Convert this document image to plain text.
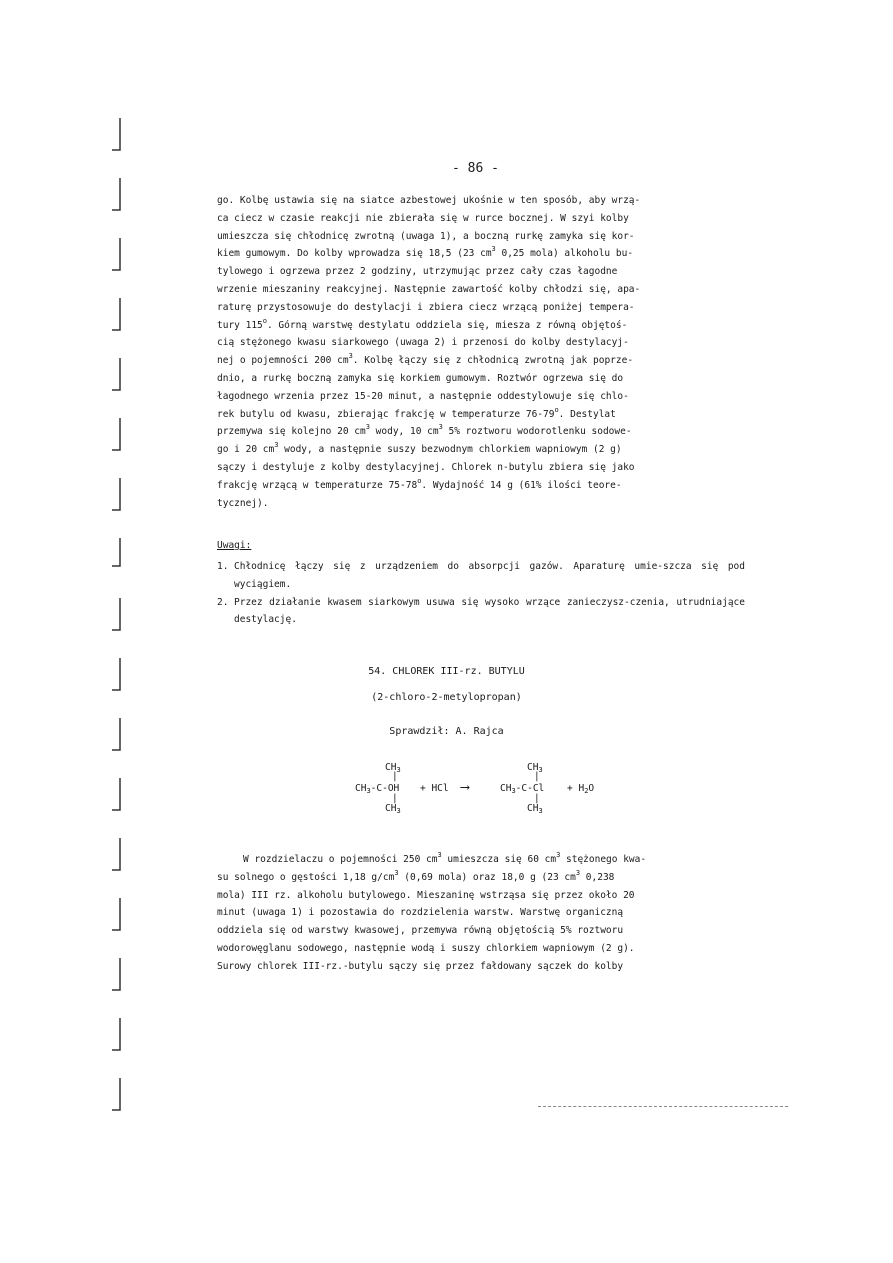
- 86 -

go. Kolbę ustawia się na siatce azbestowej ukośnie w ten sposób, aby wrzą-

ca ciecz w czasie reakcji nie zbierała się w rurce bocznej. W szyi kolby

umieszcza się chłodnicę zwrotną (uwaga 1), a boczną rurkę zamyka się kor-

kiem gumowym. Do kolby wprowadza się 18,5 (23 $cm^3$ 0,25 mola) alkoholu bu-

tylowego i ogrzewa przez 2 godziny, utrzymując przez cały czas łagodne

wrzenie mieszaniny reakcyjnej. Następnie zawartość kolby chłodzi się, apa-

raturę przystosowuje do destylacji i zbiera ciecz wrzącą poniżej tempera-

tury 115$^o$. Górną warstwę destylatu oddziela się, miesza z równą objętoś-

cią stężonego kwasu siarkowego (uwaga 2) i przenosi do kolby destylacyj-

nej o pojemności 200 $cm^3$. Kolbę łączy się z chłodnicą zwrotną jak poprze-

dnio, a rurkę boczną zamyka się korkiem gumowym. Roztwór ogrzewa się do

łagodnego wrzenia przez 15-20 minut, a następnie oddestylowuje się chlo-

rek butylu od kwasu, zbierając frakcję w temperaturze 76-79$^o$. Destylat

przemywa się kolejno 20 $cm^3$ wody, 10 $cm^3$ 5% roztworu wodorotlenku sodowe-

go i 20 $cm^3$ wody, a następnie suszy bezwodnym chlorkiem wapniowym (2 g)

sączy i destyluje z kolby destylacyjnej. Chlorek n-butylu zbiera się jako

frakcję wrzącą w temperaturze 75-78$^o$. Wydajność 14 g (61% ilości teore-

tycznej).

Uwagi:
1. Chłodnicę łączy się z urządzeniem do absorpcji gazów. Aparaturę umie-szcza się pod wyciągiem.
2. Przez działanie kwasem siarkowym usuwa się wysoko wrzące zanieczysz-czenia, utrudniające destylację.
54. CHLOREK III-rz. BUTYLU

(2-chloro-2-metylopropan)

Sprawdził: A. Rajca

$CH_3$
|
$CH_3-C-OH$
|
$CH_3$
+ HCl ⟶
$CH_3$
|
$CH_3-C-Cl$
|
$CH_3$
+ $H_2O$

W rozdzielaczu o pojemności 250 $cm^3$ umieszcza się 60 $cm^3$ stężonego kwa-

su solnego o gęstości 1,18 $g/cm^3$ (0,69 mola) oraz 18,0 g (23 $cm^3$ 0,238

mola) III rz. alkoholu butylowego. Mieszaninę wstrząsa się przez około 20

minut (uwaga 1) i pozostawia do rozdzielenia warstw. Warstwę organiczną

oddziela się od warstwy kwasowej, przemywa równą objętością 5% roztworu

wodorowęglanu sodowego, następnie wodą i suszy chlorkiem wapniowym (2 g).

Surowy chlorek III-rz.-butylu sączy się przez fałdowany sączek do kolby
